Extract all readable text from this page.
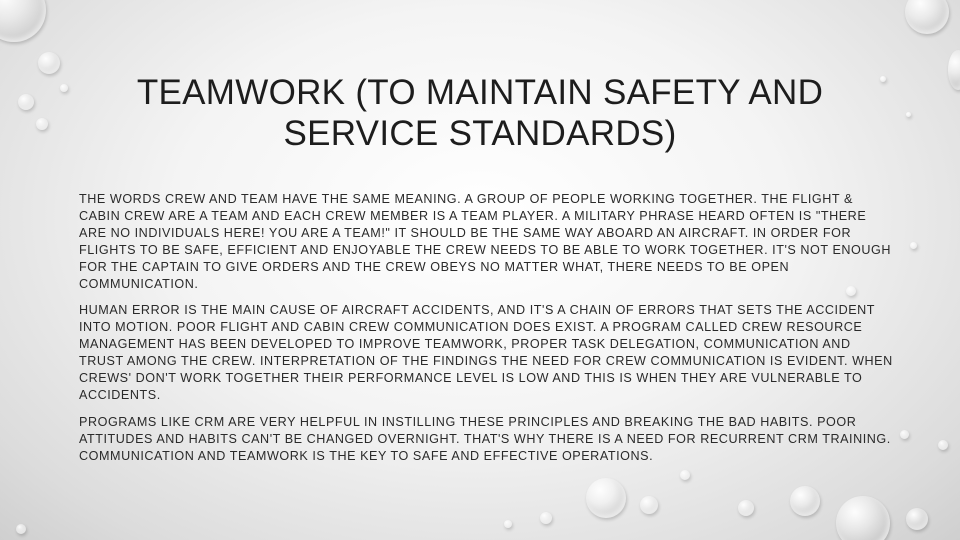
TEAMWORK (TO MAINTAIN SAFETY AND SERVICE STANDARDS)

THE WORDS CREW AND TEAM HAVE THE SAME MEANING. A GROUP OF PEOPLE WORKING TOGETHER. THE FLIGHT & CABIN CREW ARE A TEAM AND EACH CREW MEMBER IS A TEAM PLAYER. A MILITARY PHRASE HEARD OFTEN IS "THERE ARE NO INDIVIDUALS HERE! YOU ARE A TEAM!" IT SHOULD BE THE SAME WAY ABOARD AN AIRCRAFT. IN ORDER FOR FLIGHTS TO BE SAFE, EFFICIENT AND ENJOYABLE THE CREW NEEDS TO BE ABLE TO WORK TOGETHER. IT'S NOT ENOUGH FOR THE CAPTAIN TO GIVE ORDERS AND THE CREW OBEYS NO MATTER WHAT, THERE NEEDS TO BE OPEN COMMUNICATION.

HUMAN ERROR IS THE MAIN CAUSE OF AIRCRAFT ACCIDENTS, AND IT'S A CHAIN OF ERRORS THAT SETS THE ACCIDENT INTO MOTION. POOR FLIGHT AND CABIN CREW COMMUNICATION DOES EXIST. A PROGRAM CALLED CREW RESOURCE MANAGEMENT HAS BEEN DEVELOPED TO IMPROVE TEAMWORK, PROPER TASK DELEGATION, COMMUNICATION AND TRUST AMONG THE CREW. INTERPRETATION OF THE FINDINGS THE NEED FOR CREW COMMUNICATION IS EVIDENT. WHEN CREWS' DON'T WORK TOGETHER THEIR PERFORMANCE LEVEL IS LOW AND THIS IS WHEN THEY ARE VULNERABLE TO ACCIDENTS.

PROGRAMS LIKE CRM ARE VERY HELPFUL IN INSTILLING THESE PRINCIPLES AND BREAKING THE BAD HABITS. POOR ATTITUDES AND HABITS CAN'T BE CHANGED OVERNIGHT. THAT'S WHY THERE IS A NEED FOR RECURRENT CRM TRAINING. COMMUNICATION AND TEAMWORK IS THE KEY TO SAFE AND EFFECTIVE OPERATIONS.
